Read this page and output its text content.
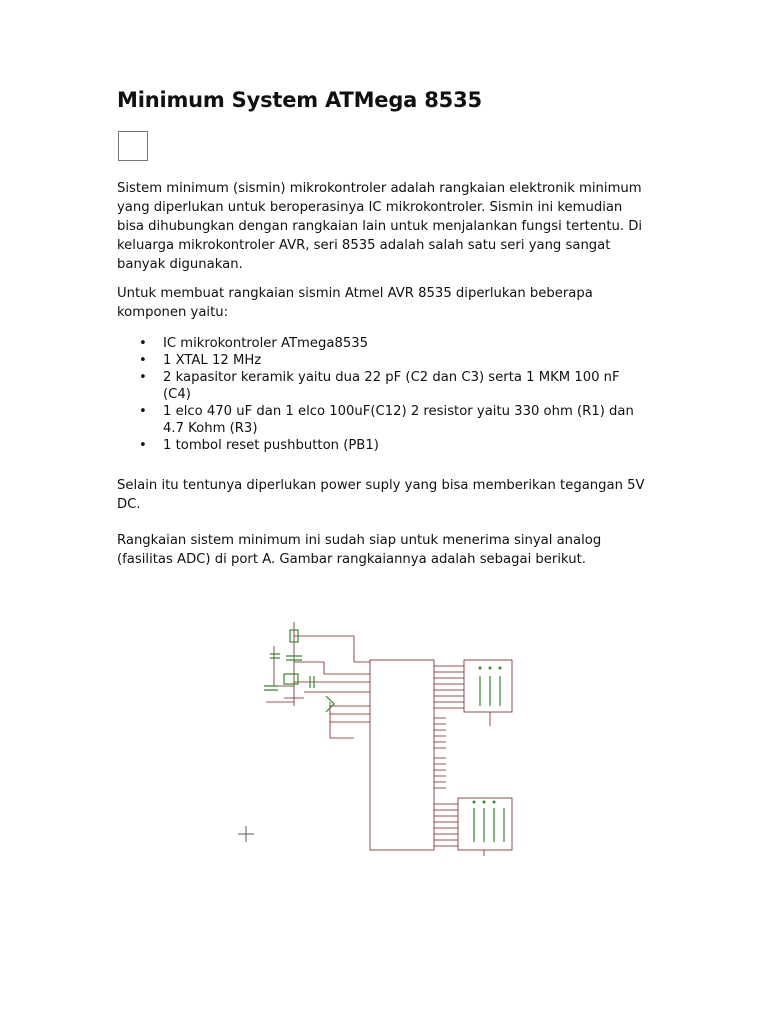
Minimum System ATMega 8535

Sistem minimum (sismin) mikrokontroler adalah rangkaian elektronik minimum yang diperlukan untuk beroperasinya IC mikrokontroler. Sismin ini kemudian bisa dihubungkan dengan rangkaian lain untuk menjalankan fungsi tertentu. Di keluarga mikrokontroler AVR, seri 8535 adalah salah satu seri yang sangat banyak digunakan.

Untuk membuat rangkaian sismin Atmel AVR 8535 diperlukan beberapa komponen yaitu:

• IC mikrokontroler ATmega8535
• 1 XTAL 12 MHz
• 2 kapasitor keramik yaitu dua 22 pF (C2 dan C3) serta 1 MKM 100 nF (C4)
• 1 elco 470 uF dan 1 elco 100uF(C12) 2 resistor yaitu 330 ohm (R1) dan 4.7 Kohm (R3)
• 1 tombol reset pushbutton (PB1)

Selain itu tentunya diperlukan power suply yang bisa memberikan tegangan 5V DC.

Rangkaian sistem minimum ini sudah siap untuk menerima sinyal analog (fasilitas ADC) di port A. Gambar rangkaiannya adalah sebagai berikut.
